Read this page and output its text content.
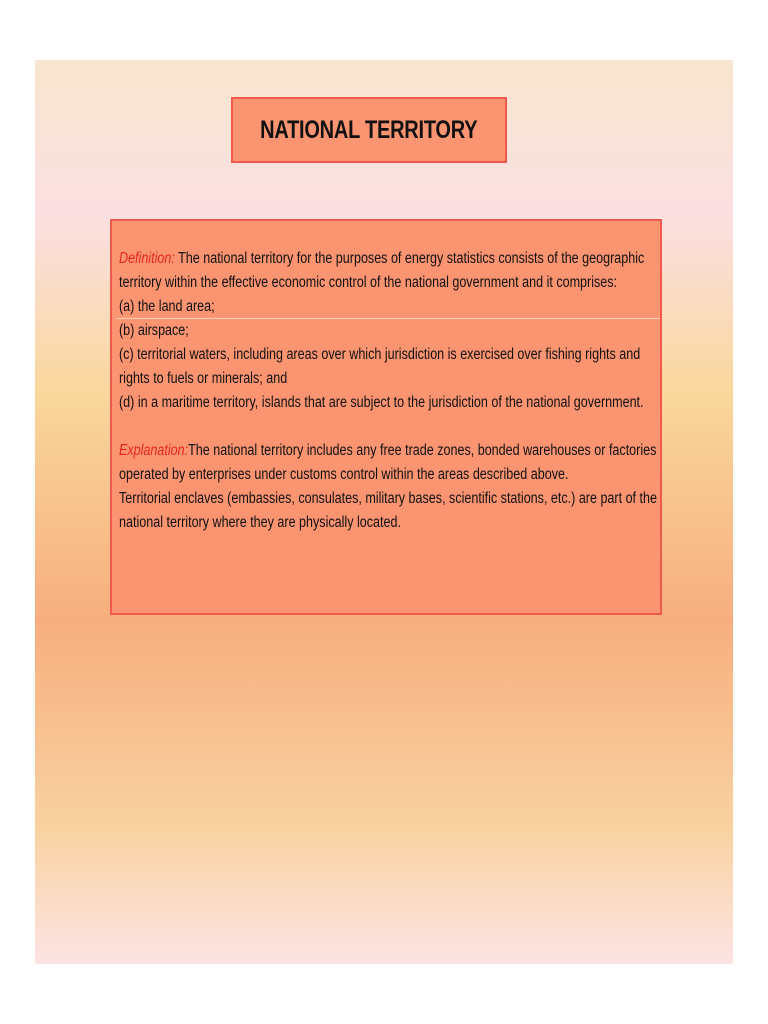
NATIONAL TERRITORY
Definition: The national territory for the purposes of energy statistics consists of the geographic
territory within the effective economic control of the national government and it comprises:
(a) the land area;
(b) airspace;
(c) territorial waters, including areas over which jurisdiction is exercised over fishing rights and
rights to fuels or minerals; and
(d) in a maritime territory, islands that are subject to the jurisdiction of the national government.
Explanation:The national territory includes any free trade zones, bonded warehouses or factories
operated by enterprises under customs control within the areas described above.
Territorial enclaves (embassies, consulates, military bases, scientific stations, etc.) are part of the
national territory where they are physically located.
